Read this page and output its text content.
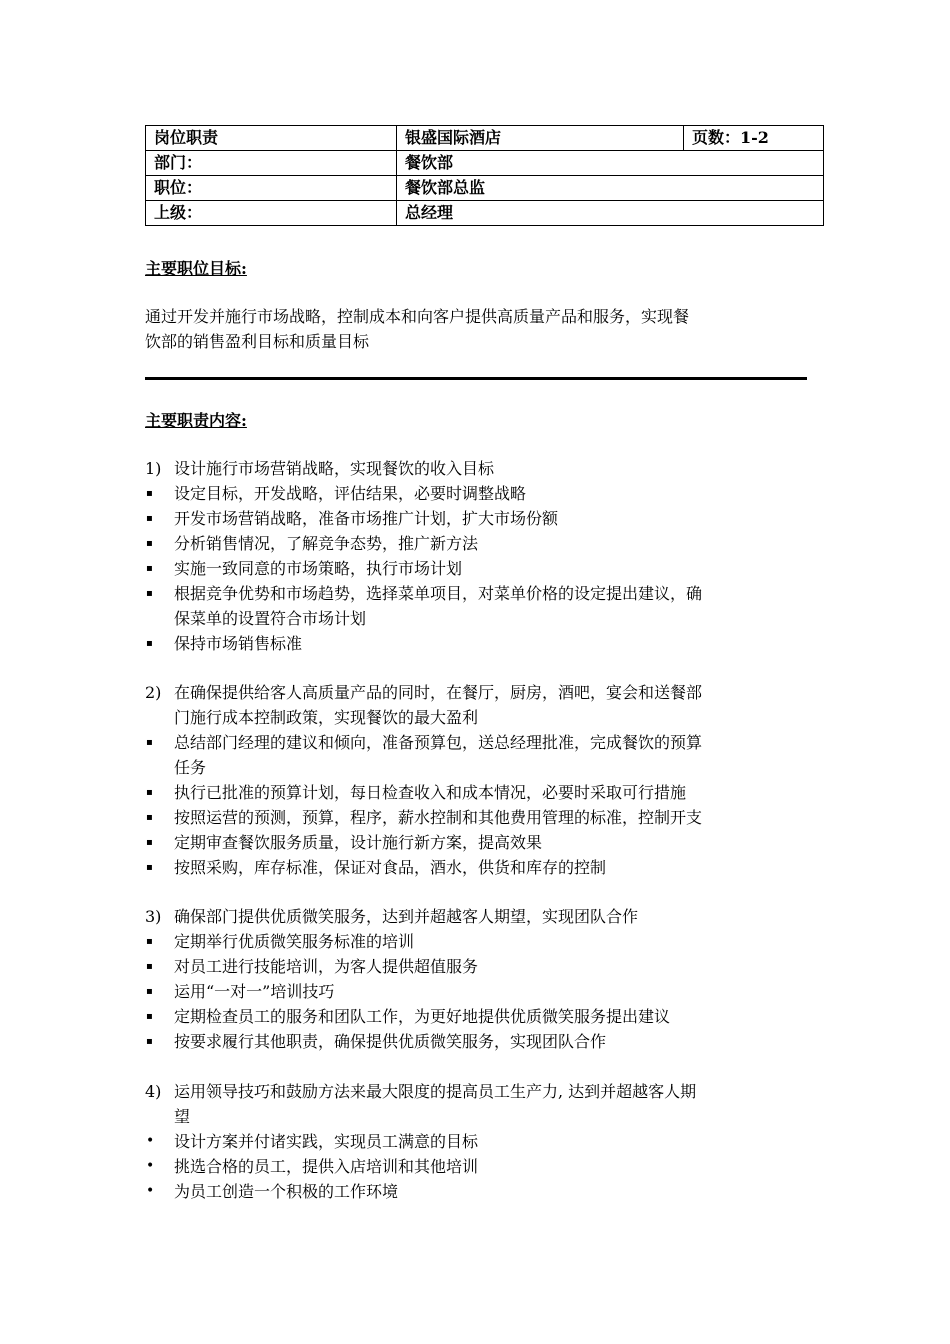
岗位职责	银盛国际酒店	页数：1-2
部门：	餐饮部	
职位：	餐饮部总监	
上级：	总经理	
主要职位目标:
通过开发并施行市场战略，控制成本和向客户提供高质量产品和服务，实现餐
饮部的销售盈利目标和质量目标
主要职责内容:
1) 设计施行市场营销战略，实现餐饮的收入目标
▪	设定目标，开发战略，评估结果，必要时调整战略
▪	开发市场营销战略，准备市场推广计划，扩大市场份额
▪	分析销售情况，了解竞争态势，推广新方法
▪	实施一致同意的市场策略，执行市场计划
▪	根据竞争优势和市场趋势，选择菜单项目，对菜单价格的设定提出建议，确
保菜单的设置符合市场计划
▪	保持市场销售标准
2) 在确保提供给客人高质量产品的同时，在餐厅，厨房，酒吧，宴会和送餐部
门施行成本控制政策，实现餐饮的最大盈利
▪	总结部门经理的建议和倾向，准备预算包，送总经理批准，完成餐饮的预算
任务
▪	执行已批准的预算计划，每日检查收入和成本情况，必要时采取可行措施
▪	按照运营的预测，预算，程序，薪水控制和其他费用管理的标准，控制开支
▪	定期审查餐饮服务质量，设计施行新方案，提高效果
▪	按照采购，库存标准，保证对食品，酒水，供货和库存的控制
3) 确保部门提供优质微笑服务，达到并超越客人期望，实现团队合作
▪	定期举行优质微笑服务标准的培训
▪	对员工进行技能培训，为客人提供超值服务
▪	运用“一对一”培训技巧
▪	定期检查员工的服务和团队工作，为更好地提供优质微笑服务提出建议
▪	按要求履行其他职责，确保提供优质微笑服务，实现团队合作
4) 运用领导技巧和鼓励方法来最大限度的提高员工生产力, 达到并超越客人期
望
•	设计方案并付诸实践，实现员工满意的目标
•	挑选合格的员工，提供入店培训和其他培训
•	为员工创造一个积极的工作环境
